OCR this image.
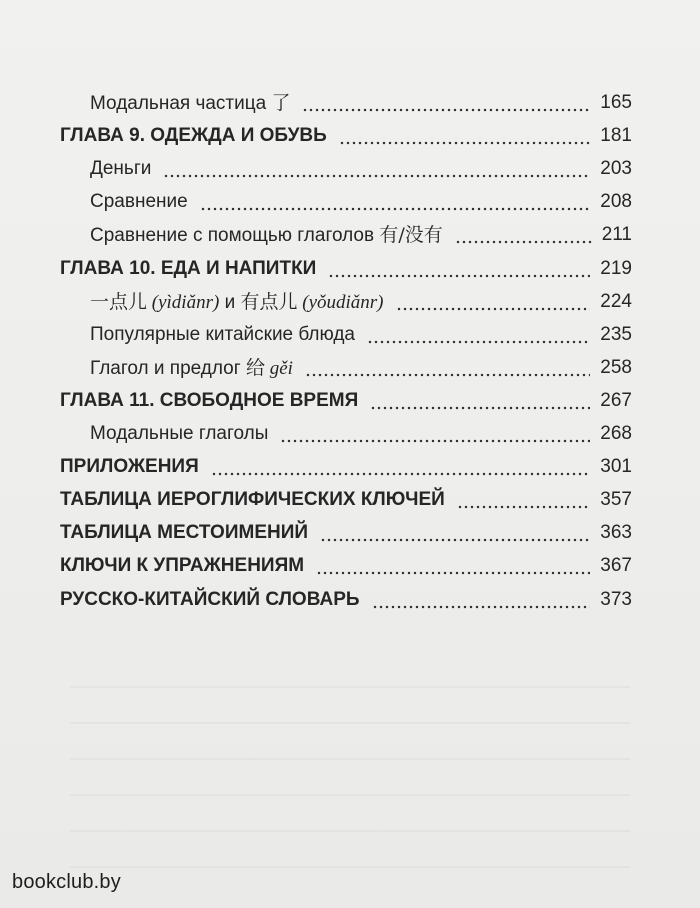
Модальная частица 了	165
ГЛАВА 9. ОДЕЖДА И ОБУВЬ	181
Деньги	203
Сравнение	208
Сравнение с помощью глаголов 有/没有	211
ГЛАВА 10. ЕДА И НАПИТКИ	219
一点儿 (yìdiǎnr) и 有点儿 (yǒudiǎnr)	224
Популярные китайские блюда	235
Глагол и предлог 给 gěi	258
ГЛАВА 11. СВОБОДНОЕ ВРЕМЯ	267
Модальные глаголы	268
ПРИЛОЖЕНИЯ	301
ТАБЛИЦА ИЕРОГЛИФИЧЕСКИХ КЛЮЧЕЙ	357
ТАБЛИЦА МЕСТОИМЕНИЙ	363
КЛЮЧИ К УПРАЖНЕНИЯМ	367
РУССКО-КИТАЙСКИЙ СЛОВАРЬ	373
bookclub.by
